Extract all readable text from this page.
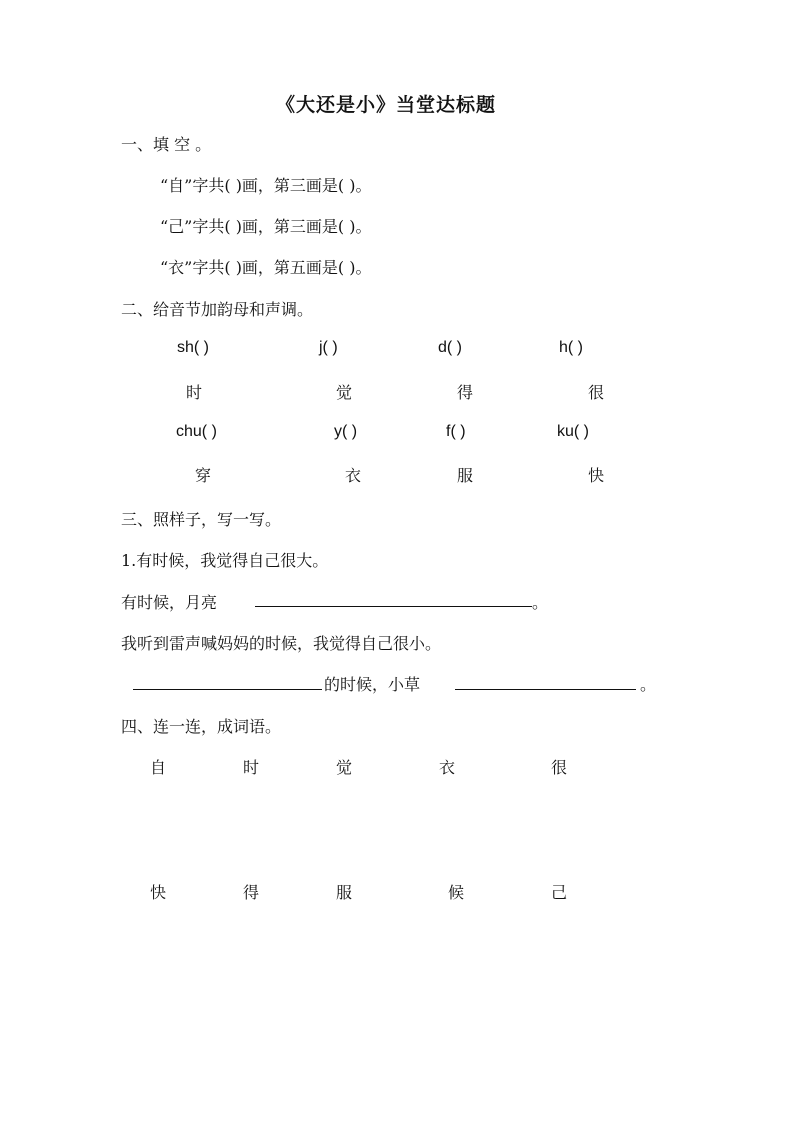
《大还是小》当堂达标题
一、填 空 。
“自”字共( )画，第三画是( )。
“己”字共( )画，第三画是( )。
“衣”字共( )画，第五画是( )。
二、给音节加韵母和声调。
sh( )	j( )	d( )	h( )
时	觉	得	很
chu( )	y( )	f( )	ku( )
穿	衣	服	快
三、照样子，写一写。
1.有时候，我觉得自己很大。
有时候，月亮	。
我听到雷声喊妈妈的时候，我觉得自己很小。
的时候，小草	。
四、连一连，成词语。
自	时	觉	衣	很
快	得	服	候	己
